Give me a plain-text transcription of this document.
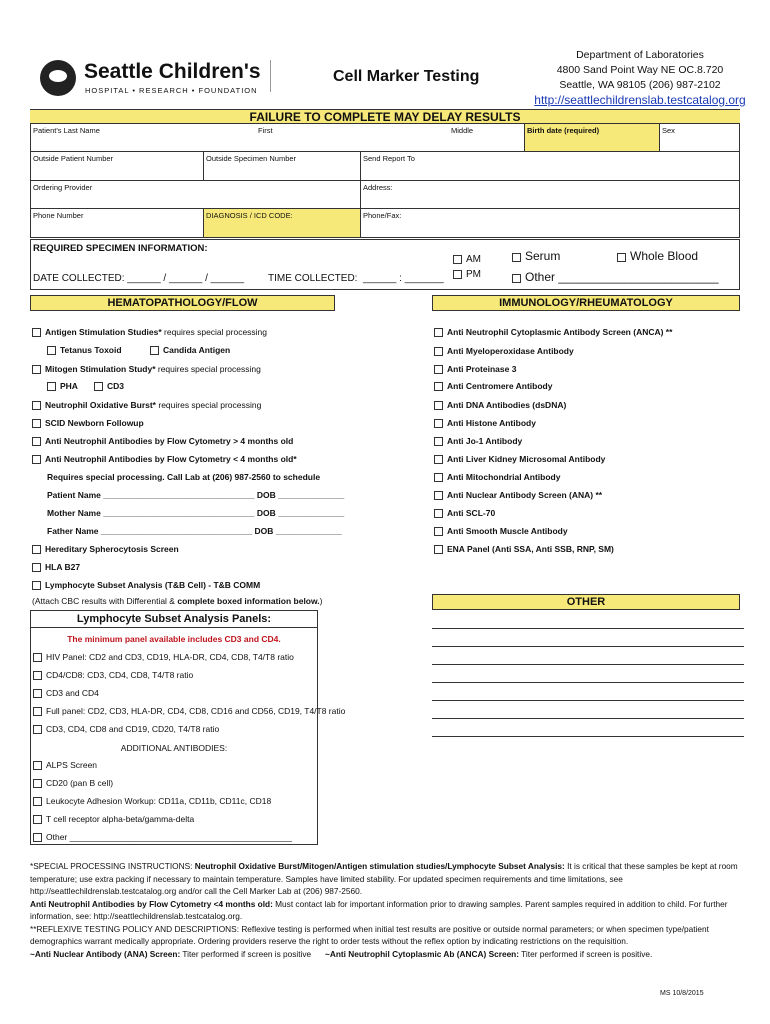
Seattle Children's
HOSPITAL • RESEARCH • FOUNDATION
Cell Marker Testing
Department of Laboratories
4800 Sand Point Way NE OC.8.720
Seattle, WA 98105 (206) 987-2102
http://seattlechildrenslab.testcatalog.org
FAILURE TO COMPLETE MAY DELAY RESULTS
Patient's Last Name	First	Middle	Birth date (required)	Sex
Outside Patient Number	Outside Specimen Number	Send Report To
Ordering Provider	Address:
Phone Number	DIAGNOSIS / ICD CODE:	Phone/Fax:
REQUIRED SPECIMEN INFORMATION:
DATE COLLECTED: ______ / ______ / ______ TIME COLLECTED: ______ : _______
AM
PM
Serum	Whole Blood
Other ________________________
HEMATOPATHOLOGY/FLOW	IMMUNOLOGY/RHEUMATOLOGY
Antigen Stimulation Studies* requires special processing
Tetanus Toxoid	Candida Antigen
Mitogen Stimulation Study* requires special processing
PHA	CD3
Neutrophil Oxidative Burst* requires special processing
SCID Newborn Followup
Anti Neutrophil Antibodies by Flow Cytometry > 4 months old
Anti Neutrophil Antibodies by Flow Cytometry < 4 months old*
Requires special processing. Call Lab at (206) 987-2560 to schedule
Patient Name ________________________________ DOB ______________
Mother Name ________________________________ DOB ______________
Father Name ________________________________ DOB ______________
Hereditary Spherocytosis Screen
HLA B27
Lymphocyte Subset Analysis (T&B Cell) - T&B COMM
(Attach CBC results with Differential & complete boxed information below.)
Lymphocyte Subset Analysis Panels:
The minimum panel available includes CD3 and CD4.
HIV Panel: CD2 and CD3, CD19, HLA-DR, CD4, CD8, T4/T8 ratio
CD4/CD8: CD3, CD4, CD8, T4/T8 ratio
CD3 and CD4
Full panel: CD2, CD3, HLA-DR, CD4, CD8, CD16 and CD56, CD19, T4/T8 ratio
CD3, CD4, CD8 and CD19, CD20, T4/T8 ratio
ADDITIONAL ANTIBODIES:
ALPS Screen
CD20 (pan B cell)
Leukocyte Adhesion Workup: CD11a, CD11b, CD11c, CD18
T cell receptor alpha-beta/gamma-delta
Other _______________________________________________
Anti Neutrophil Cytoplasmic Antibody Screen (ANCA) **
Anti Myeloperoxidase Antibody
Anti Proteinase 3
Anti Centromere Antibody
Anti DNA Antibodies (dsDNA)
Anti Histone Antibody
Anti Jo-1 Antibody
Anti Liver Kidney Microsomal Antibody
Anti Mitochondrial Antibody
Anti Nuclear Antibody Screen (ANA) **
Anti SCL-70
Anti Smooth Muscle Antibody
ENA Panel (Anti SSA, Anti SSB, RNP, SM)
OTHER

*SPECIAL PROCESSING INSTRUCTIONS: Neutrophil Oxidative Burst/Mitogen/Antigen stimulation studies/Lymphocyte Subset Analysis: It is critical that these samples be kept at room temperature; use extra packing if necessary to maintain temperature. Samples have limited stability. For updated specimen requirements and time limitations, see http://seattlechildrenslab.testcatalog.org and/or call the Cell Marker Lab at (206) 987-2560.

Anti Neutrophil Antibodies by Flow Cytometry <4 months old: Must contact lab for important information prior to drawing samples. Parent samples required in addition to child. For further information, see: http://seattlechildrenslab.testcatalog.org.

**REFLEXIVE TESTING POLICY AND DESCRIPTIONS: Reflexive testing is performed when initial test results are positive or outside normal parameters; or when specimen type/patient demographics warrant medically appropriate. Ordering providers reserve the right to order tests without the reflex option by indicating restrictions on the requisition.

~Anti Nuclear Antibody (ANA) Screen: Titer performed if screen is positive      ~Anti Neutrophil Cytoplasmic Ab (ANCA) Screen: Titer performed if screen is positive.

MS 10/8/2015
